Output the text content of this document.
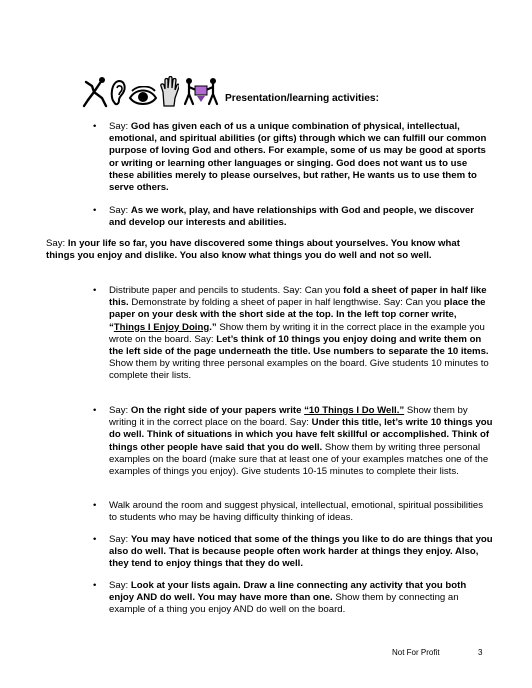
Presentation/learning activities:
• Say: God has given each of us a unique combination of physical, intellectual, emotional, and spiritual abilities (or gifts) through which we can fulfill our common purpose of loving God and others. For example, some of us may be good at sports or writing or learning other languages or singing. God does not want us to use these abilities merely to please ourselves, but rather, He wants us to use them to serve others.
• Say: As we work, play, and have relationships with God and people, we discover and develop our interests and abilities.
Say: In your life so far, you have discovered some things about yourselves. You know what things you enjoy and dislike. You also know what things you do well and not so well.
• Distribute paper and pencils to students. Say: Can you fold a sheet of paper in half like this. Demonstrate by folding a sheet of paper in half lengthwise. Say: Can you place the paper on your desk with the short side at the top. In the left top corner write, “Things I Enjoy Doing.” Show them by writing it in the correct place in the example you wrote on the board. Say: Let’s think of 10 things you enjoy doing and write them on the left side of the page underneath the title. Use numbers to separate the 10 items. Show them by writing three personal examples on the board. Give students 10 minutes to complete their lists.
• Say: On the right side of your papers write “10 Things I Do Well.” Show them by writing it in the correct place on the board. Say: Under this title, let’s write 10 things you do well. Think of situations in which you have felt skillful or accomplished. Think of things other people have said that you do well. Show them by writing three personal examples on the board (make sure that at least one of your examples matches one of the examples of things you enjoy). Give students 10-15 minutes to complete their lists.
• Walk around the room and suggest physical, intellectual, emotional, spiritual possibilities to students who may be having difficulty thinking of ideas.
• Say: You may have noticed that some of the things you like to do are things that you also do well. That is because people often work harder at things they enjoy. Also, they tend to enjoy things that they do well.
• Say: Look at your lists again. Draw a line connecting any activity that you both enjoy AND do well. You may have more than one. Show them by connecting an example of a thing you enjoy AND do well on the board.
Not For Profit	3
